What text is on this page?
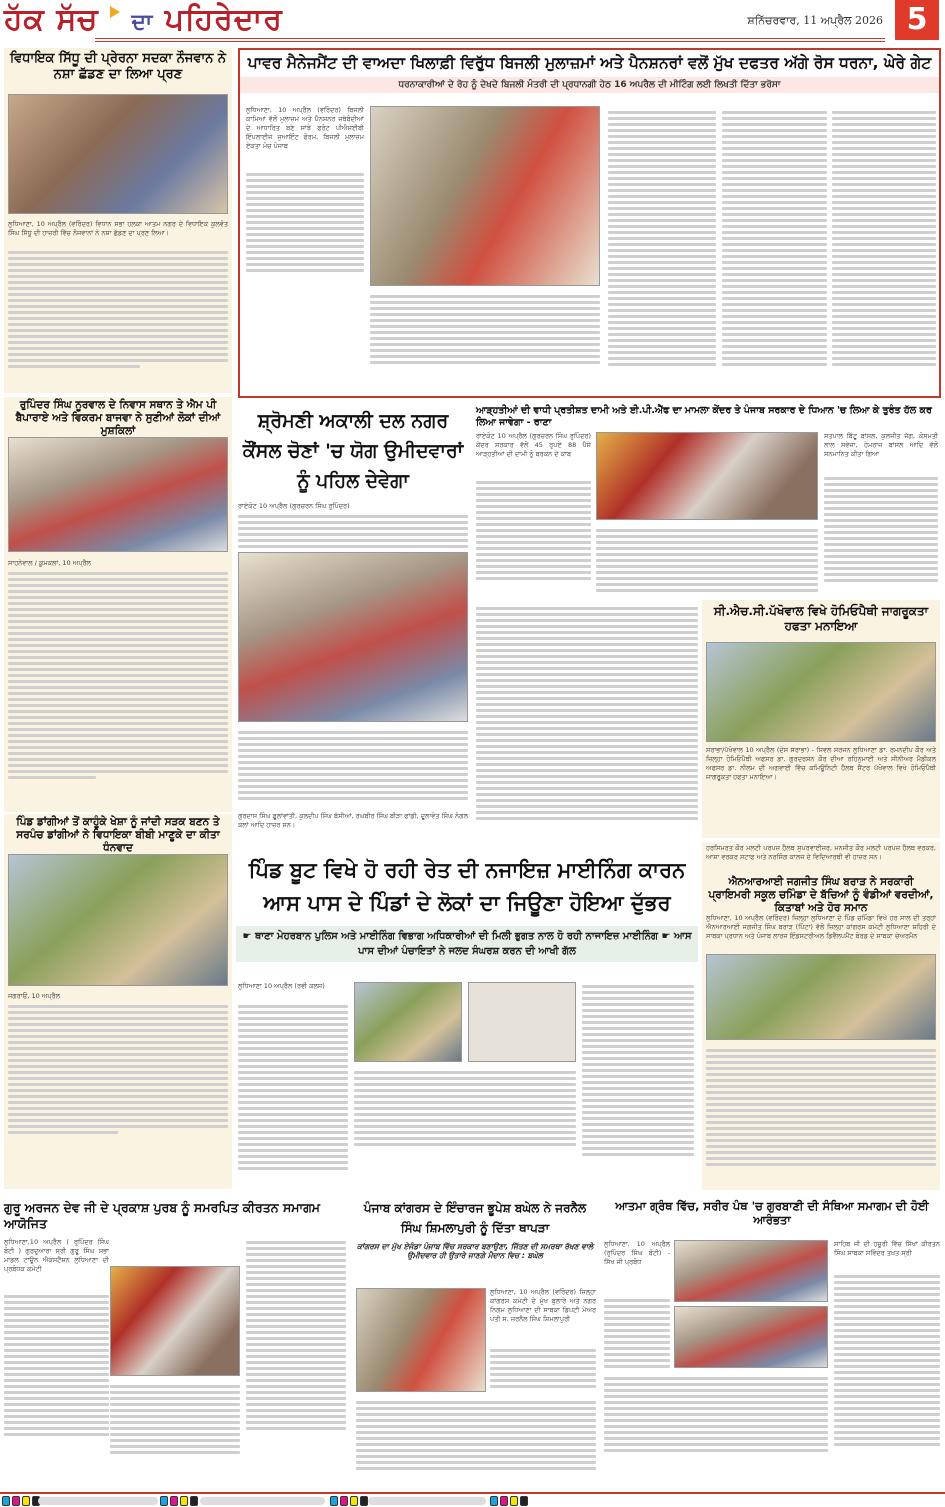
ਹੱਕ ਸੱਚ ਦਾ ਪਹਿਰੇਦਾਰ	ਸ਼ਨਿੱਚਰਵਾਰ, 11 ਅਪ੍ਰੈਲ 2026 5
ਵਿਧਾਇਕ ਸਿੱਧੂ ਦੀ ਪ੍ਰੇਰਨਾ ਸਦਕਾ ਨੌਜਵਾਨ ਨੇ ਨਸ਼ਾ ਛੱਡਣ ਦਾ ਲਿਆ ਪ੍ਰਣ
ਲੁਧਿਆਣਾ, 10 ਅਪ੍ਰੈਲ (ਵਰਿੰਦਰ) ਵਿਧਾਨ ਸਭਾ ਹਲਕਾ ਆਤਮ ਨਗਰ ਦੇ ਵਿਧਾਇਕ ਕੁਲਵੰਤ ਸਿੰਘ ਸਿੱਧੂ ਦੀ ਹਾਜ਼ਰੀ ਵਿੱਚ ਨੌਜਵਾਨਾਂ ਨੇ ਨਸ਼ਾ ਛੱਡਣ ਦਾ ਪ੍ਰਣ ਲਿਆ।
ਰੁਪਿੰਦਰ ਸਿੰਘ ਨੂਰਵਾਲ ਦੇ ਨਿਵਾਸ ਸਥਾਨ ਤੇ ਐਮ ਪੀ ਬੈਪਾਰਾਏ ਅਤੇ ਵਿਕਰਮ ਬਾਜਵਾ ਨੇ ਸੁਣੀਆਂ ਲੋਕਾਂ ਦੀਆਂ ਮੁਸ਼ਕਿਲਾਂ
ਸਾਹਨੇਵਾਲ / ਕੂਮਕਲਾਂ, 10 ਅਪ੍ਰੈਲ
ਪਿੰਡ ਡਾਂਗੀਆਂ ਤੋਂ ਕਾਹੂੰਕੇ ਖੇਸ਼ਾ ਨੂੰ ਜਾਂਦੀ ਸੜਕ ਬਣਨ ਤੇ ਸਰਪੰਚ ਡਾਂਗੀਆਂ ਨੇ ਵਿਧਾਇਕਾ ਬੀਬੀ ਮਾਣੂਕੇ ਦਾ ਕੀਤਾ ਧੰਨਵਾਦ
ਜਗਰਾਓਂ, 10 ਅਪ੍ਰੈਲ
ਪਾਵਰ ਮੈਨੇਜਮੈਂਟ ਦੀ ਵਾਅਦਾ ਖਿਲਾਫ਼ੀ ਵਿਰੁੱਧ ਬਿਜਲੀ ਮੁਲਾਜ਼ਮਾਂ ਅਤੇ ਪੈਨਸ਼ਨਰਾਂ ਵਲੋਂ ਮੁੱਖ ਦਫਤਰ ਅੱਗੇ ਰੋਸ ਧਰਨਾ, ਘੇਰੇ ਗੇਟ
ਧਰਨਾਕਾਰੀਆਂ ਦੇ ਰੋਹ ਨੂੰ ਦੇਖਦੇ ਬਿਜਲੀ ਮੰਤਰੀ ਦੀ ਪ੍ਰਧਾਨਗੀ ਹੇਠ 16 ਅਪਰੈਲ ਦੀ ਮੀਟਿੰਗ ਲਈ ਲਿਖਤੀ ਦਿੱਤਾ ਭਰੋਸਾ
ਲੁਧਿਆਣਾ, 10 ਅਪ੍ਰੈਲ (ਵਰਿੰਦਰ) ਬਿਜਲੀ ਕਾਮਿਆਂ ਵੱਲੋਂ ਮੁਲਾਜ਼ਮ ਅਤੇ ਪੈਨਸ਼ਨਰ ਜਥੇਬੰਦੀਆਂ ਦੇ ਆਧਾਰਿਤ ਬਣੇ ਸਾਂਝੇ ਫਰੰਟ ਪੀਐਸਈਬੀ ਇੰਪਲਾਈਜ਼ ਜੁਆਇੰਟ ਫੋਰਮ, ਬਿਜਲੀ ਮੁਲਾਜ਼ਮ ਏਕਤਾ ਮੰਚ ਪੰਜਾਬ
ਸ਼੍ਰੋਮਣੀ ਅਕਾਲੀ ਦਲ ਨਗਰ ਕੌਂਸਲ ਚੋਣਾਂ 'ਚ ਯੋਗ ਉਮੀਦਵਾਰਾਂ ਨੂੰ ਪਹਿਲ ਦੇਵੇਗਾ
ਰਾਏਕੋਟ 10 ਅਪ੍ਰੈਲ (ਗੁਰਚਰਨ ਸਿੰਘ ਰੁਪਿੰਦਰ)
ਗੁਰਦਾਸ ਸਿੰਘ ਫੂਲਾਂਵਾਂਤੀ, ਕੁਲਦੀਪ ਸਿੰਘ ਬੱਸੀਆਂ, ਰਘਬੀਰ ਸਿੰਘ ਬੀੜਾ ਫਾਂਡੀ, ਦੂਲਾਵੰਤ ਸਿੰਘ ਨੰਗਲ ਕਲਾਂ ਆਦਿ ਹਾਜ਼ਰ ਸਨ।
ਆੜ੍ਹਤੀਆਂ ਦੀ ਵਾਧੀ ਪ੍ਰਤੀਸ਼ਤ ਦਾਮੀ ਅਤੇ ਈ.ਪੀ.ਐੱਫ ਦਾ ਮਾਮਲਾ ਕੇਂਦਰ ਤੇ ਪੰਜਾਬ ਸਰਕਾਰ ਦੇ ਧਿਆਨ 'ਚ ਲਿਆ ਕੇ ਤੁਰੰਤ ਹੱਲ ਕਰ ਲਿਆ ਜਾਵੇਗਾ - ਰਾਣਾ
ਰਾਏਕੋਟ 10 ਅਪ੍ਰੈਲ (ਗੁਰਚਰਨ ਸਿੰਘ ਰੁਪਿੰਦਰ) ਕੇਂਦਰ ਸਰਕਾਰ ਵੱਲੋਂ 45 ਰੁਪਏ 88 ਪੈਸੇ ਆੜ੍ਹਤੀਆਂ ਦੀ ਦਾਮੀ ਨੂੰ ਬਰਕਨ ਦੇ ਕਾਬ
ਸਤਪਾਲ ਬਿੱਟੂ ਬਾਂਸਲ, ਕੁਲਜੀਤ ਜੱਗ, ਕੋਸਮਤੀ ਲਾਲ ਸਵੇਜਾ, ਹੇਮਰਾਜ ਬਾਂਸਲ ਆਦਿ ਵੱਲੋਂ ਸਨਮਾਨਿਤ ਕੀਤਾ ਗਿਆ
ਸੀ.ਐਚ.ਸੀ.ਪੱਖੋਵਾਲ ਵਿਖੇ ਹੋਮਿਓਪੈਥੀ ਜਾਗਰੂਕਤਾ ਹਫਤਾ ਮਨਾਇਆ
ਸਰਾਭਾ/ਪੱਖੋਵਾਲ 10 ਅਪ੍ਰੈਲ (ਦੇਸ ਸਰਾਭਾ) - ਸਿਵਲ ਸਰਜਨ ਲੁਧਿਆਣਾ ਡਾ. ਰਮਨਦੀਪ ਕੌਰ ਅਤੇ ਜ਼ਿਲ੍ਹਾ ਹੋਮਿਓਪੈਥੀ ਅਫਸਰ ਡਾ. ਗੁਰਦਰਸ਼ਨ ਕੌਰ ਦੀਆ ਰਹਿਨੁਮਾਈ ਅਤੇ ਸੀਨੀਅਰ ਮੈਡੀਕਲ ਅਫਸਰ ਡਾ. ਨੀਲਮ ਦੀ ਅਗਵਾਈ ਵਿੱਚ ਕਮਿਊਨਿਟੀ ਹੈਲਥ ਸੈਂਟਰ ਪੱਖੋਵਾਲ ਵਿਖੇ ਹੋਮਿਓਪੈਥੀ ਜਾਗਰੂਕਤਾ ਹਫਤਾ ਮਨਾਇਆ।
ਹਰਸਿਮਰਤ ਕੌਰ ਮਲਟੀ ਪਰਪਜ਼ ਹੈਲਥ ਸੁਪਰਵਾਈਜ਼ਰ, ਮਨਜੀਤ ਕੌਰ ਮਲਟੀ ਪਰਪਜ਼ ਹੈਲਥ ਵਰਕਰ, ਆਸ਼ਾ ਵਰਕਰ ਸਟਾਫ ਅਤੇ ਨਰਸਿੰਗ ਕਾਲਜ ਦੇ ਵਿਦਿਆਰਥੀ ਵੀ ਹਾਜ਼ਰ ਸਨ।
ਐਨਆਰਆਈ ਜਗਜੀਤ ਸਿੰਘ ਬਰਾੜ ਨੇ ਸਰਕਾਰੀ ਪ੍ਰਾਇਮਰੀ ਸਕੂਲ ਚਮਿੰਡਾ ਦੇ ਬੱਚਿਆਂ ਨੂੰ ਵੰਡੀਆਂ ਵਰਦੀਆਂ, ਕਿਤਾਬਾਂ ਅਤੇ ਹੋਰ ਸਮਾਨ
ਲੁਧਿਆਣਾ, 10 ਅਪ੍ਰੈਲ (ਵਰਿੰਦਰ) ਜ਼ਿਲ੍ਹਾ ਲੁਧਿਆਣਾ ਦੇ ਪਿੰਡ ਚਮਿੰਡਾ ਵਿਖੇ ਹਰ ਸਾਲ ਦੀ ਤਰ੍ਹਾਂ ਐਨਆਰਆਈ ਜਗਜੀਤ ਸਿੰਘ ਬਰਾੜ (ਪਿੰਟਾ) ਵੱਲੋਂ ਜ਼ਿਲ੍ਹਾ ਕਾਂਗਰਸ ਕਮੇਟੀ ਲੁਧਿਆਣਾ ਸ਼ਹਿਰੀ ਦੇ ਸਾਬਕਾ ਪ੍ਰਧਾਨ ਅਤੇ ਪੰਜਾਬ ਲਾਰਜ ਇੰਡਸਟਰੀਅਲ ਡਿਵੈਲਪਮੈਂਟ ਬੋਰਡ ਦੇ ਸਾਬਕਾ ਚੇਅਰਮੈਨ
ਪਿੰਡ ਬੂਟ ਵਿਖੇ ਹੋ ਰਹੀ ਰੇਤ ਦੀ ਨਜਾਇਜ਼ ਮਾਈਨਿੰਗ ਕਾਰਨ ਆਸ ਪਾਸ ਦੇ ਪਿੰਡਾਂ ਦੇ ਲੋਕਾਂ ਦਾ ਜਿਊਣਾ ਹੋਇਆ ਦੁੱਭਰ
☛ ਥਾਣਾ ਮੇਹਰਬਾਨ ਪੁਲਿਸ ਅਤੇ ਮਾਈਨਿੰਗ ਵਿਭਾਗ ਅਧਿਕਾਰੀਆਂ ਦੀ ਮਿਲੀ ਭੁਗਤ ਨਾਲ ਹੋ ਰਹੀ ਨਾਜਾਇਜ਼ ਮਾਈਨਿੰਗ ☛ ਆਸ ਪਾਸ ਦੀਆਂ ਪੰਚਾਇਤਾਂ ਨੇ ਜਲਦ ਸੰਘਰਸ਼ ਕਰਨ ਦੀ ਆਖੀ ਗੱਲ
ਲੁਧਿਆਣਾ 10 ਅਪ੍ਰੈਲ (ਰਵੀ ਕਲਸ)
ਗੁਰੂ ਅਰਜਨ ਦੇਵ ਜੀ ਦੇ ਪ੍ਰਕਾਸ਼ ਪੁਰਬ ਨੂੰ ਸਮਰਪਿਤ ਕੀਰਤਨ ਸਮਾਗਮ ਆਯੋਜਿਤ
ਲੁਧਿਆਣਾ,10 ਅਪ੍ਰੈਲ ( ਰੁਪਿੰਦਰ ਸਿੰਘ ਬੰਟੀ ) ਗੁਰਦੁਆਰਾ ਸ੍ਰੀ ਗੁਰੂ ਸਿੰਘ ਸਭਾ ਮਾਡਲ ਟਾਊਨ ਐਕਸਟੈਂਸ਼ਨ ਲੁਧਿਆਣਾ ਦੀ ਪ੍ਰਬੰਧਕ ਕਮੇਟੀ
ਪੰਜਾਬ ਕਾਂਗਰਸ ਦੇ ਇੰਚਾਰਜ ਭੂਪੇਸ਼ ਬਘੇਲ ਨੇ ਜਰਨੈਲ ਸਿੰਘ ਸ਼ਿਮਲਾਪੁਰੀ ਨੂੰ ਦਿੱਤਾ ਥਾਪੜਾ
ਕਾਂਗਰਸ ਦਾ ਮੁੱਖ ਏਜੰਡਾ ਪੰਜਾਬ ਵਿੱਚ ਸਰਕਾਰ ਬਣਾਉਣਾ, ਜਿੱਤਣ ਦੀ ਸਮਰਥਾ ਰੱਖਣ ਵਾਲੇ ਉਮੀਦਵਾਰ ਹੀ ਉਤਾਰੇ ਜਾਣਗੇ ਮੈਦਾਨ ਵਿਚ : ਬਘੇਲ
ਲੁਧਿਆਣਾ, 10 ਅਪ੍ਰੈਲ (ਵਰਿੰਦਰ) ਜ਼ਿਲ੍ਹਾ ਕਾਂਗਰਸ ਕਮੇਟੀ ਦੇ ਮੁੱਖ ਬੁਲਾਰੇ ਅਤੇ ਨਗਰ ਨਿਗਮ ਲੁਧਿਆਣਾ ਦੀ ਸਾਬਕਾ ਡਿਪਟੀ ਮੇਅਰ ਪਤੀ ਸ. ਜਰਨੈਲ ਸਿੰਘ ਸ਼ਿਮਲਾਪੁਰੀ
ਆਤਮਾ ਗ੍ਰੰਥ ਵਿੱਚ, ਸਰੀਰ ਪੰਥ 'ਚ ਗੁਰਬਾਣੀ ਦੀ ਸੰਥਿਆ ਸਮਾਗਮ ਦੀ ਹੋਈ ਆਰੰਭਤਾ
ਲੁਧਿਆਣਾ, 10 ਅਪ੍ਰੈਲ (ਰੁਪਿੰਦਰ ਸਿੰਘ ਬੰਟੀ) - ਸਿੱਖ ਜੀ ਪ੍ਰਬੰਧ
ਸਾਹਿਬ ਜੀ ਦੀ ਹਜ਼ੂਰੀ ਵਿੱਚ ਸਿੱਖਾਂ ਕੀਰਤਨ ਸਿੰਘ ਸਾਬਕਾ ਸਵਿੰਦਰ ਤਖ਼ਤ ਸ੍ਰੀ
